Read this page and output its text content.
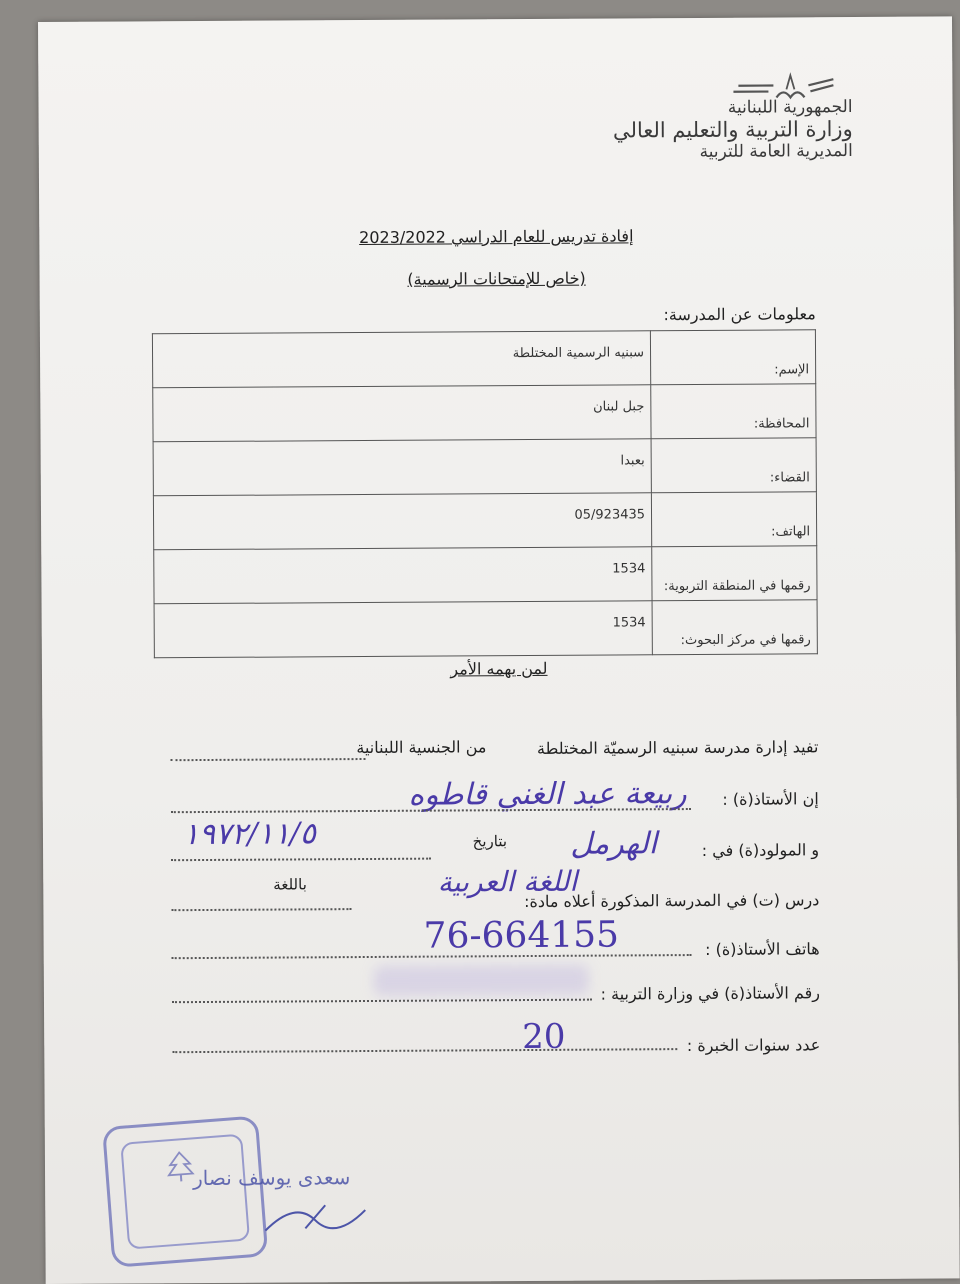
الجمهورية اللبنانية
وزارة التربية والتعليم العالي
المديرية العامة للتربية
إفادة تدريس للعام الدراسي 2023/2022
(خاص للإمتحانات الرسمية)
معلومات عن المدرسة:
الإسم:	سبنيه الرسمية المختلطة
المحافظة:	جبل لبنان
القضاء:	بعبدا
الهاتف:	05/923435
رقمها في المنطقة التربوية:	1534
رقمها في مركز البحوث:	1534
لمن يهمه الأمر
تفيد إدارة مدرسة سبنيه الرسميّة المختلطة
من الجنسية اللبنانية
إن الأستاذ(ة) :
ربيعة عبد الغني قاطوه
و المولود(ة) في :
الهرمل
بتاريخ
١٩٧٢/١١/٥
درس (ت) في المدرسة المذكورة أعلاه مادة:
اللغة العربية
باللغة
هاتف الأستاذ(ة) :
76-664155
رقم الأستاذ(ة) في وزارة التربية :
عدد سنوات الخبرة :
20
سعدى يوسف نصار
